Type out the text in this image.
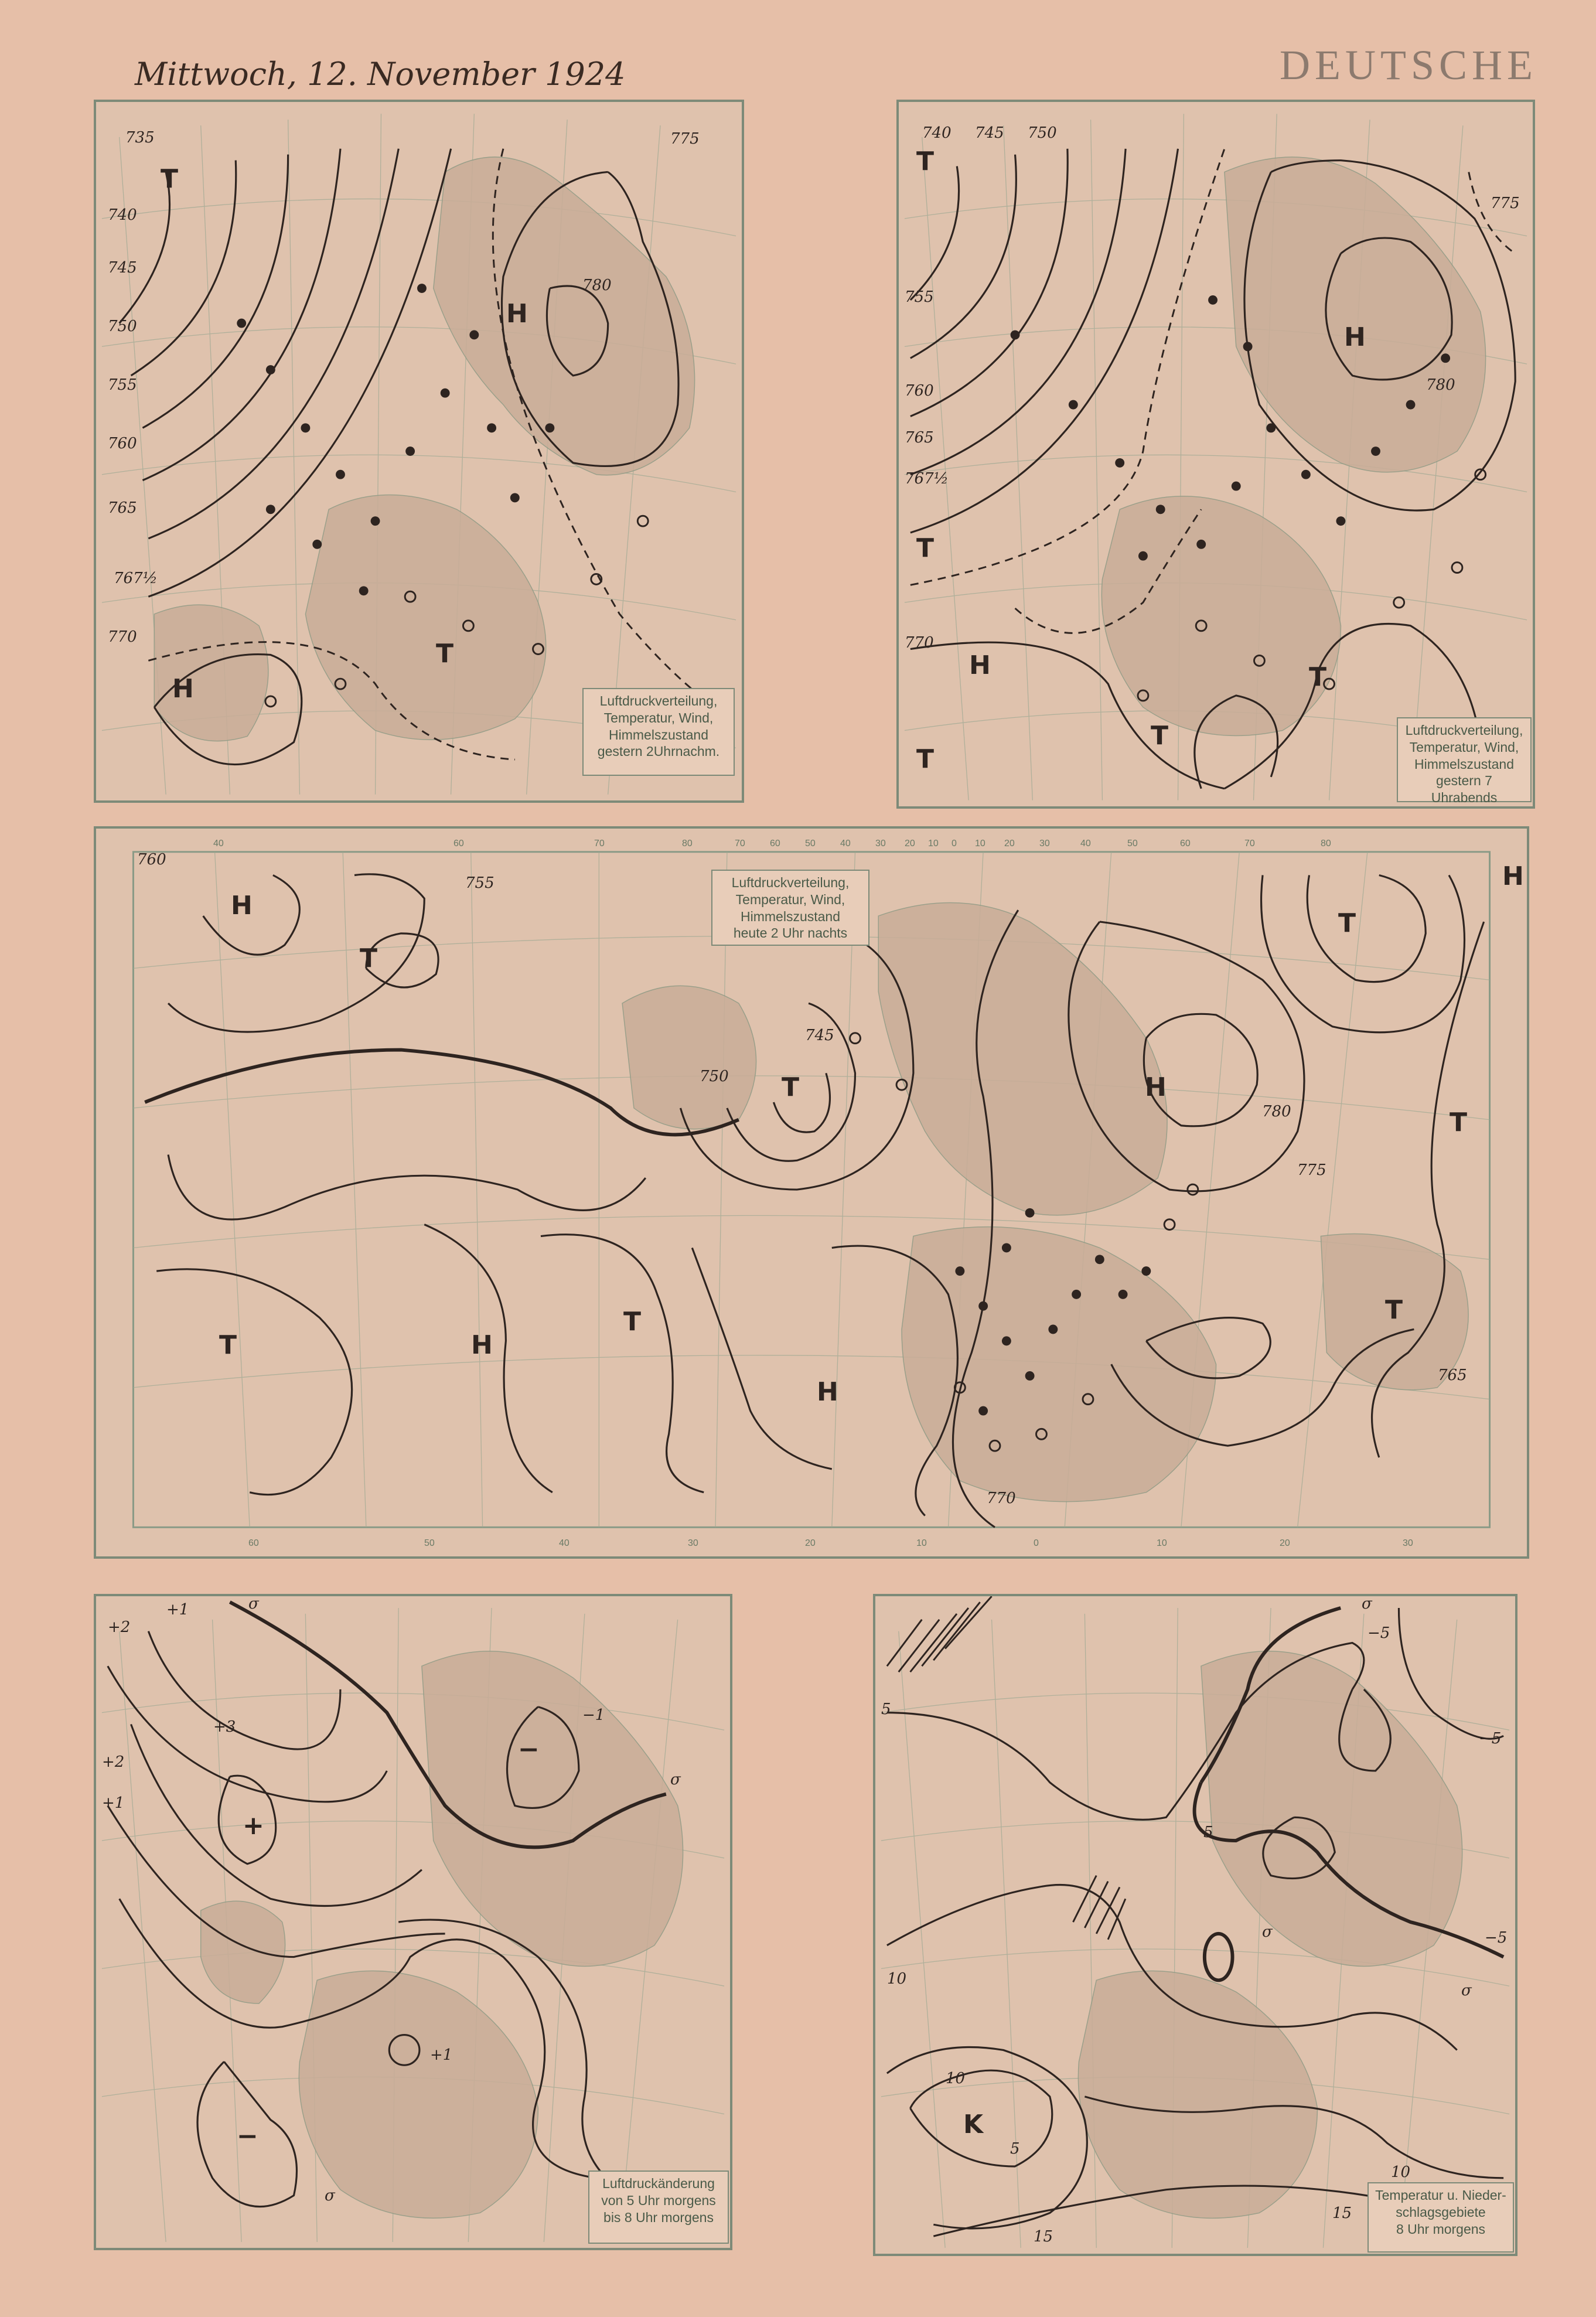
Mittwoch, 12. November 1924	DEUTSCHE
735
740
745
750
755
760
765
767½
770
775
780
T
H
T
H	Luftdruckverteilung,
Temperatur, Wind,
Himmelszustand
gestern 2Uhrnachm.
740 745 750
755
760
765
767½
770
775
780
T
T
H
T
T
T
H
Luftdruckverteilung,
Temperatur, Wind,
Himmelszustand
gestern 7 Uhrabends
Luftdruckverteilung,
Temperatur, Wind,
Himmelszustand
heute 2 Uhr nachts
760
755
745
750
780
775
765
770
H
T
T	H
T
T
H
T
H
T
T
H
40	60	70	80	70	60	50	40	30 20 10 0 10 20	30	40	50	60	70	80
60	50	40	30	20	10	0	10	20	30
+1
+2
+3
+2
+1
σ
−1
−
σ
+
+1
−
σ
Luftdruckänderung
von 5 Uhr morgens
bis 8 Uhr morgens
σ
−5
5
−5
5
σ	−5
σ
10
10
K
5
10
15
15
Temperatur u. Nieder-
schlagsgebiete
8 Uhr morgens
